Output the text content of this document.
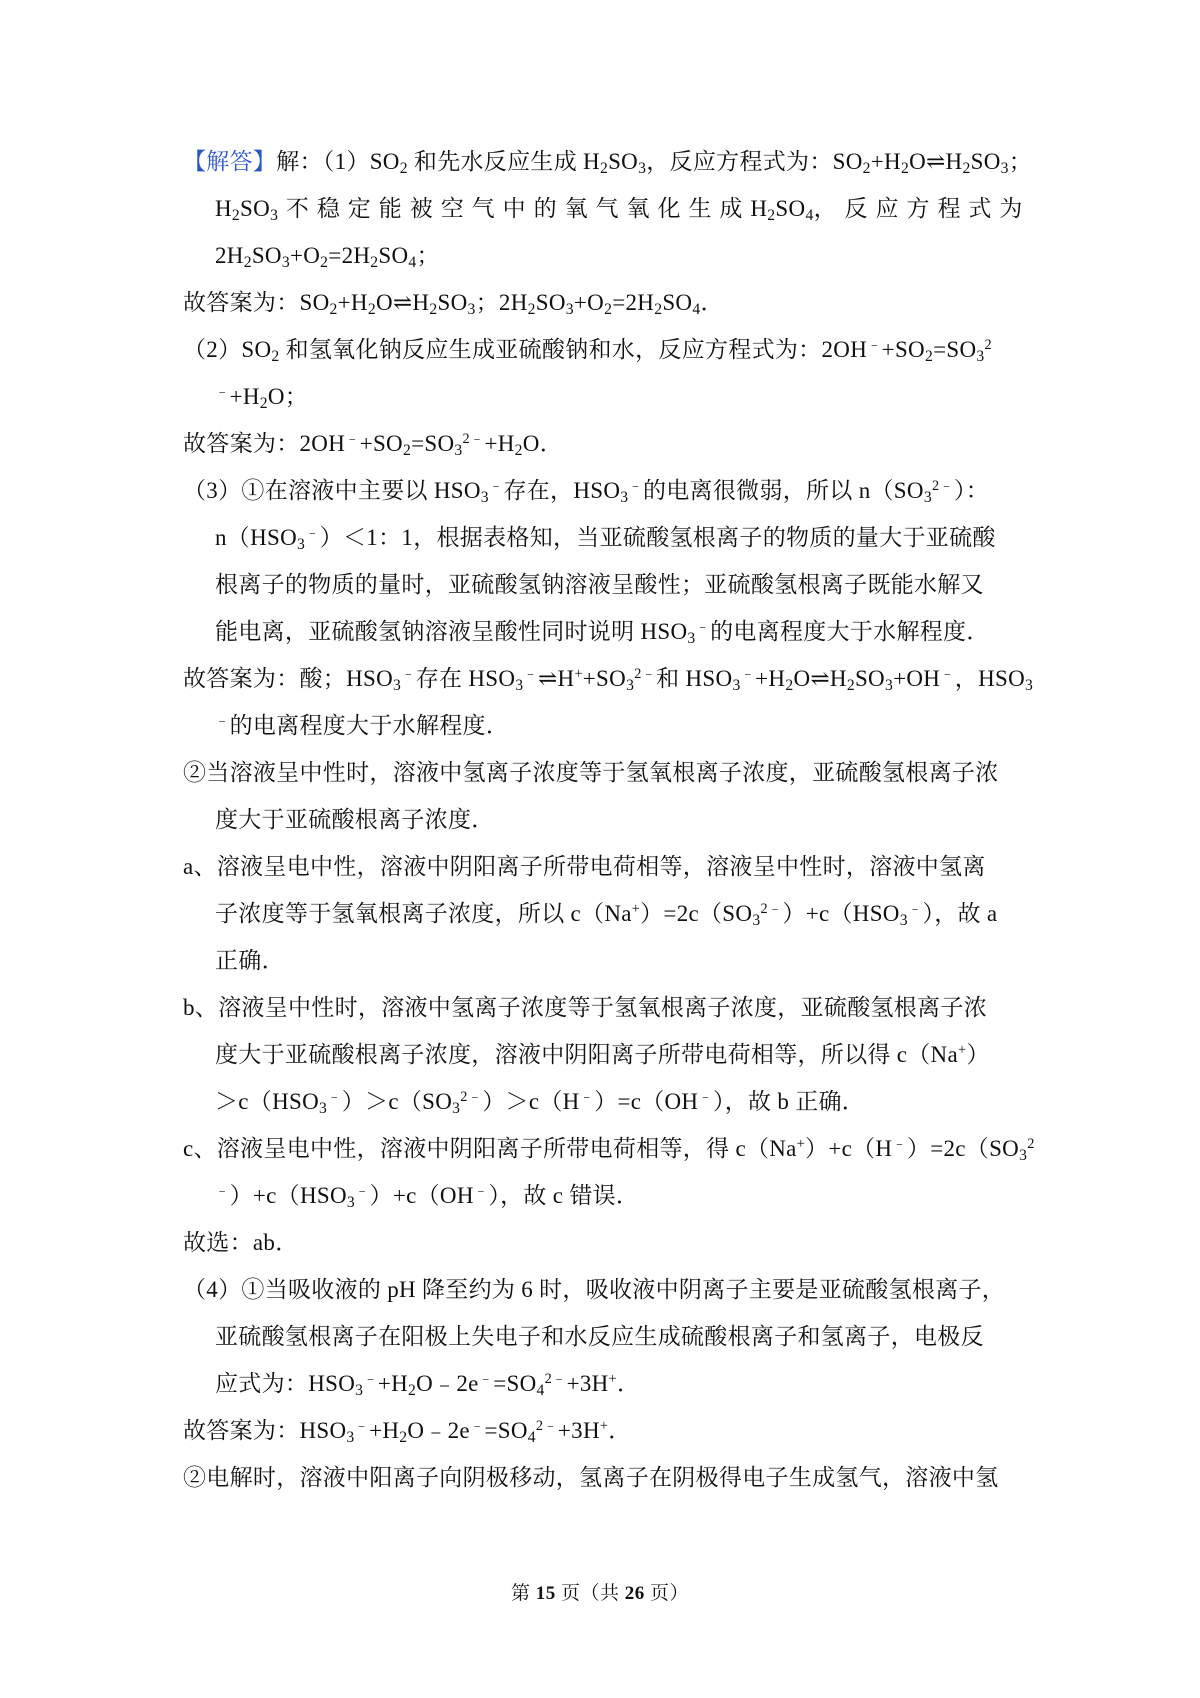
【解答】解：$(1)SO_2$ 和先水反应生成 $H_2SO_3$，反应方程式为：$SO_2+H_2O\rightleftharpoons H_2SO_3$；
$H_2SO_3$ 不 稳 定 能 被 空 气 中 的 氧 气 氧 化 生 成 $H_2SO_4$， 反 应 方 程 式 为
$2H_2SO_3+O_2=2H_2SO_4$；
故答案为：$SO_2+H_2O\rightleftharpoons H_2SO_3$；$2H_2SO_3+O_2=2H_2SO_4$．
$(2)SO_2$ 和氢氧化钠反应生成亚硫酸钠和水，反应方程式为：$2OH^﹣+SO_2=SO_3^2$
$^﹣+H_2O$；
故答案为：$2OH^﹣+SO_2=SO_3^{2﹣}+H_2O$．
（3）①在溶液中主要以 $HSO_3^﹣$存在，$HSO_3^﹣$的电离很微弱，所以 $n(SO_3^{2﹣})$：
$n(HSO_3^﹣)<1$：1，根据表格知，当亚硫酸氢根离子的物质的量大于亚硫酸
根离子的物质的量时，亚硫酸氢钠溶液呈酸性；亚硫酸氢根离子既能水解又
能电离，亚硫酸氢钠溶液呈酸性同时说明 $HSO_3^﹣$的电离程度大于水解程度．
故答案为：酸；$HSO_3^﹣$存在 $HSO_3^﹣\rightleftharpoons H^++SO_3^{2﹣}$和 $HSO_3^﹣+H_2O\rightleftharpoons H_2SO_3+OH^﹣$，$HSO_3$
﹣的电离程度大于水解程度．
②当溶液呈中性时，溶液中氢离子浓度等于氢氧根离子浓度，亚硫酸氢根离子浓
度大于亚硫酸根离子浓度．
a、溶液呈电中性，溶液中阴阳离子所带电荷相等，溶液呈中性时，溶液中氢离
子浓度等于氢氧根离子浓度，所以 $c(Na^+)=2c(SO_3^{2﹣})+c(HSO_3^﹣)$，故 a
正确．
b、溶液呈中性时，溶液中氢离子浓度等于氢氧根离子浓度，亚硫酸氢根离子浓
度大于亚硫酸根离子浓度，溶液中阴阳离子所带电荷相等，所以得 c（Na+）
$>c(HSO_3^﹣)>c(SO_3^{2﹣})>c(H^﹣)=c(OH^﹣)$，故 b 正确．
c、溶液呈电中性，溶液中阴阳离子所带电荷相等，得 $c(Na^+)+c(H^﹣)=2c(SO_3^2$
$^﹣)+c(HSO_3^﹣)+c(OH^﹣)$，故 c 错误．
故选：ab．
（4）①当吸收液的 pH 降至约为 6 时，吸收液中阴离子主要是亚硫酸氢根离子，
亚硫酸氢根离子在阳极上失电子和水反应生成硫酸根离子和氢离子，电极反
应式为：$HSO_3^﹣+H_2O﹣2e^﹣=SO_4^{2﹣}+3H^+$．
故答案为：$HSO_3^﹣+H_2O﹣2e^﹣=SO_4^{2﹣}+3H^+$．
②电解时，溶液中阳离子向阴极移动，氢离子在阴极得电子生成氢气，溶液中氢
第 15 页（共 26 页）
